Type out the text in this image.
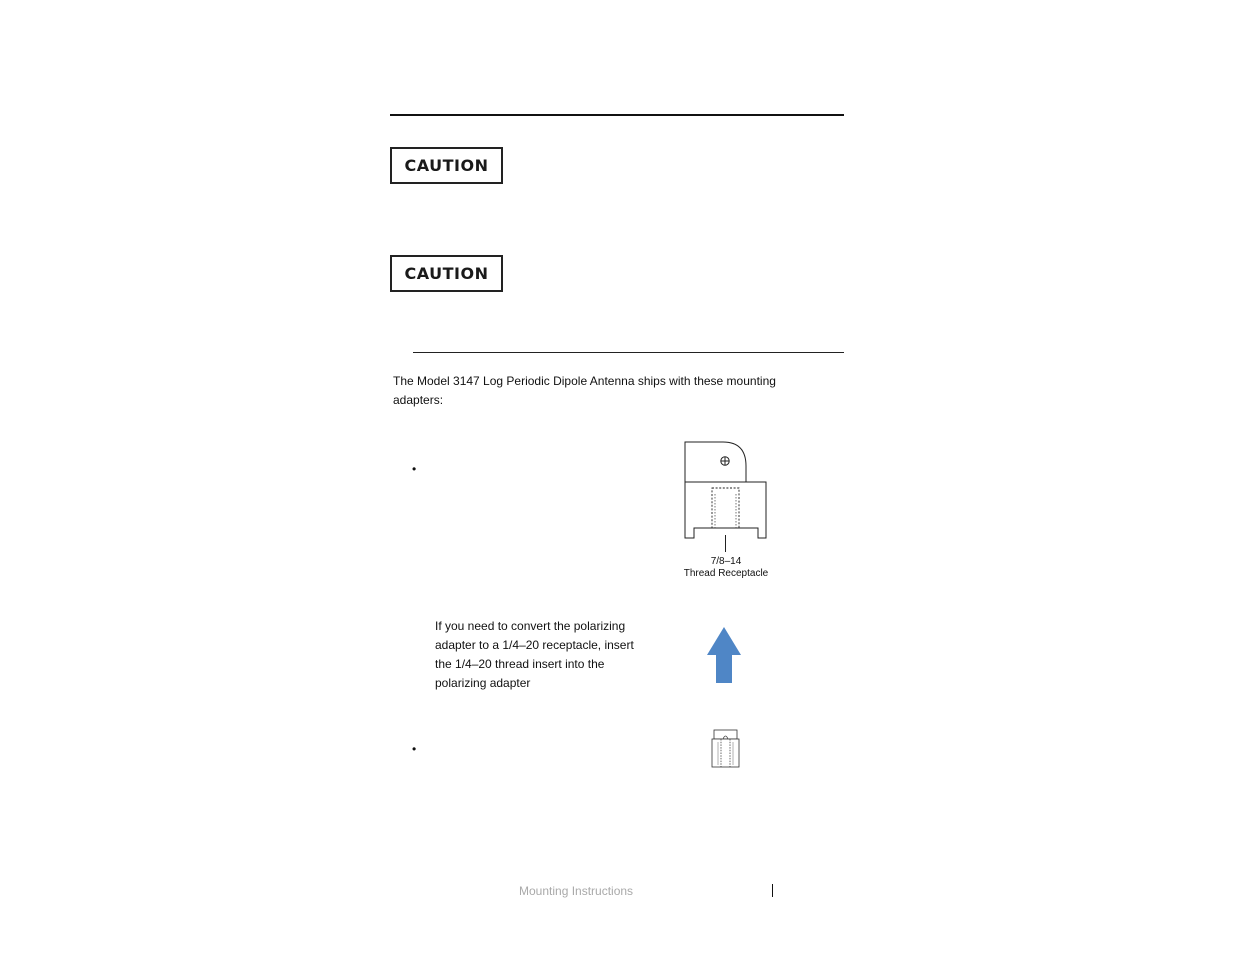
CAUTION
CAUTION

The Model 3147 Log Periodic Dipole Antenna ships with these mounting adapters:

•
7/8–14
Thread Receptacle

If you need to convert the polarizing adapter to a 1/4–20 receptacle, insert the 1/4–20 thread insert into the polarizing adapter

•
Mounting Instructions
